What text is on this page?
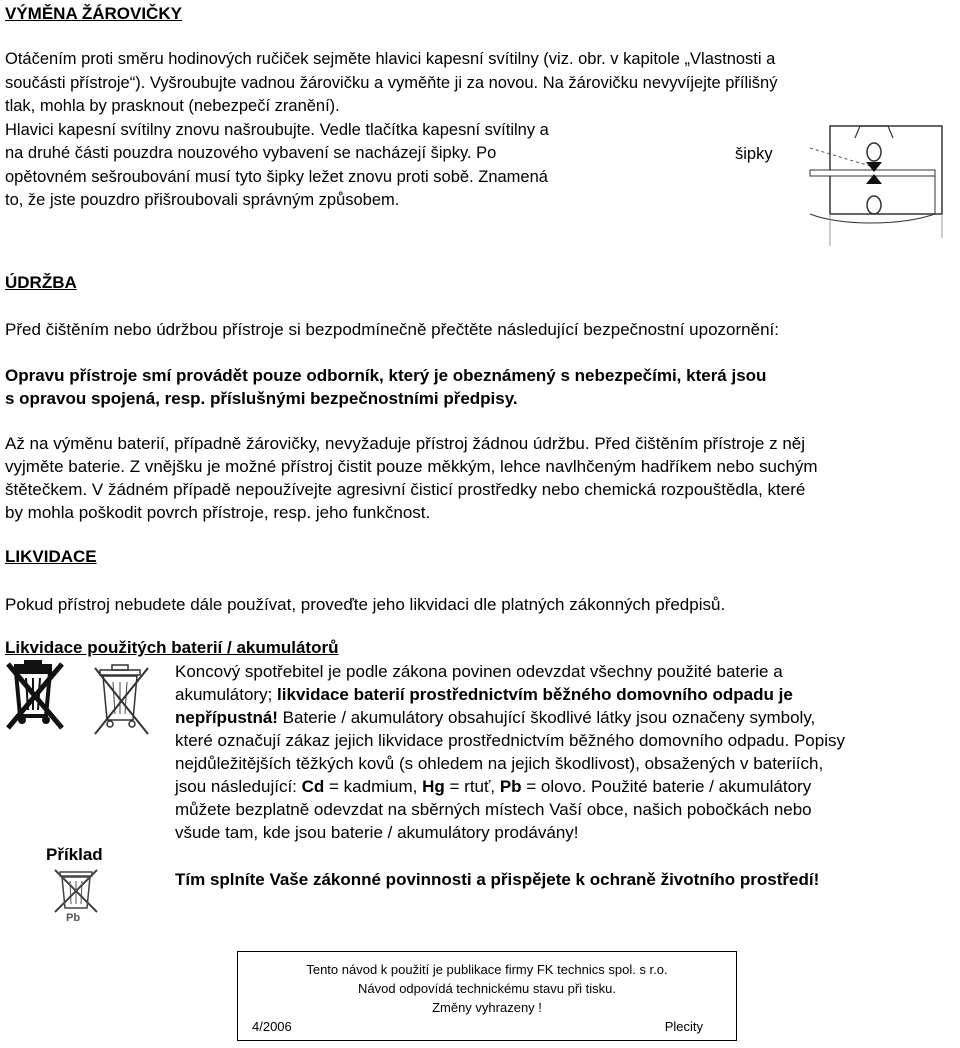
VÝMĚNA ŽÁROVIČKY
Otáčením proti směru hodinových ručiček sejměte hlavici kapesní svítilny (viz. obr. v kapitole „Vlastnosti a
součásti přístroje“). Vyšroubujte vadnou žárovičku a vyměňte ji za novou. Na žárovičku nevyvíjejte přílišný
tlak, mohla by prasknout (nebezpečí zranění).
Hlavici kapesní svítilny znovu našroubujte. Vedle tlačítka kapesní svítilny a
na druhé části pouzdra nouzového vybavení se nacházejí šipky. Po
opětovném sešroubování musí tyto šipky ležet znovu proti sobě. Znamená
to, že jste pouzdro přišroubovali správným způsobem.
šipky
ÚDRŽBA
Před čištěním nebo údržbou přístroje si bezpodmínečně přečtěte následující bezpečnostní upozornění:
Opravu přístroje smí provádět pouze odborník, který je obeznámený s nebezpečími, která jsou
s opravou spojená, resp. příslušnými bezpečnostními předpisy.
Až na výměnu baterií, případně žárovičky, nevyžaduje přístroj žádnou údržbu. Před čištěním přístroje z něj
vyjměte baterie. Z vnějšku je možné přístroj čistit pouze měkkým, lehce navlhčeným hadříkem nebo suchým
štětečkem. V žádném případě nepoužívejte agresivní čisticí prostředky nebo chemická rozpouštědla, které
by mohla poškodit povrch přístroje, resp. jeho funkčnost.
LIKVIDACE
Pokud přístroj nebudete dále používat, proveďte jeho likvidaci dle platných zákonných předpisů.
Likvidace použitých baterií / akumulátorů
Koncový spotřebitel je podle zákona povinen odevzdat všechny použité baterie a
akumulátory; likvidace baterií prostřednictvím běžného domovního odpadu je
nepřípustná! Baterie / akumulátory obsahující škodlivé látky jsou označeny symboly,
které označují zákaz jejich likvidace prostřednictvím běžného domovního odpadu. Popisy
nejdůležitějších těžkých kovů (s ohledem na jejich škodlivost), obsažených v bateriích,
jsou následující: Cd = kadmium, Hg = rtuť, Pb = olovo. Použité baterie / akumulátory
můžete bezplatně odevzdat na sběrných místech Vaší obce, našich pobočkách nebo
všude tam, kde jsou baterie / akumulátory prodávány!
Příklad
Pb
Tím splníte Vaše zákonné povinnosti a přispějete k ochraně životního prostředí!
Tento návod k použití je publikace firmy FK technics spol. s r.o.
Návod odpovídá technickému stavu při tisku.
Změny vyhrazeny !
4/2006	Plecity
